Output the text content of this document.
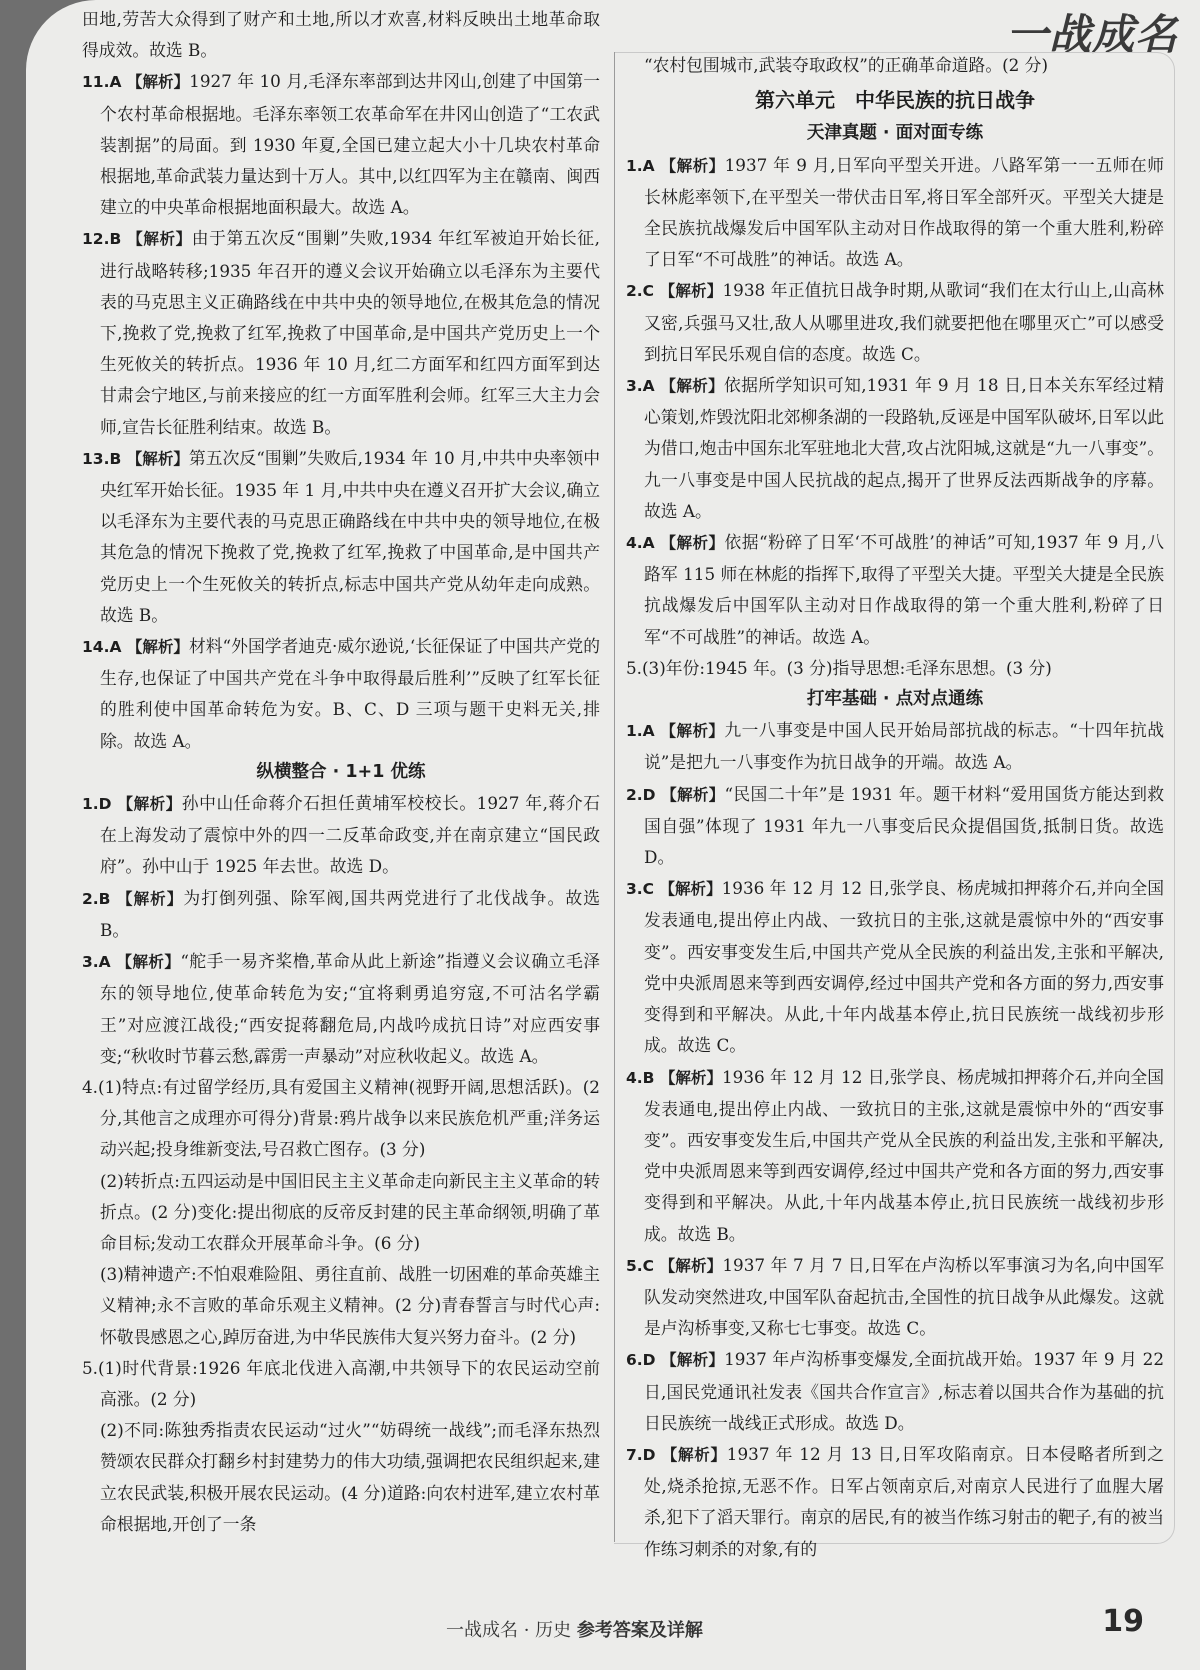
一战成名

田地,劳苦大众得到了财产和土地,所以才欢喜,材料反映出土地革命取得成效。故选 B。

11.A 【解析】1927 年 10 月,毛泽东率部到达井冈山,创建了中国第一个农村革命根据地。毛泽东率领工农革命军在井冈山创造了“工农武装割据”的局面。到 1930 年夏,全国已建立起大小十几块农村革命根据地,革命武装力量达到十万人。其中,以红四军为主在赣南、闽西建立的中央革命根据地面积最大。故选 A。

12.B 【解析】由于第五次反“围剿”失败,1934 年红军被迫开始长征,进行战略转移;1935 年召开的遵义会议开始确立以毛泽东为主要代表的马克思主义正确路线在中共中央的领导地位,在极其危急的情况下,挽救了党,挽救了红军,挽救了中国革命,是中国共产党历史上一个生死攸关的转折点。1936 年 10 月,红二方面军和红四方面军到达甘肃会宁地区,与前来接应的红一方面军胜利会师。红军三大主力会师,宣告长征胜利结束。故选 B。

13.B 【解析】第五次反“围剿”失败后,1934 年 10 月,中共中央率领中央红军开始长征。1935 年 1 月,中共中央在遵义召开扩大会议,确立以毛泽东为主要代表的马克思正确路线在中共中央的领导地位,在极其危急的情况下挽救了党,挽救了红军,挽救了中国革命,是中国共产党历史上一个生死攸关的转折点,标志中国共产党从幼年走向成熟。故选 B。

14.A 【解析】材料“外国学者迪克·威尔逊说,‘长征保证了中国共产党的生存,也保证了中国共产党在斗争中取得最后胜利’”反映了红军长征的胜利使中国革命转危为安。B、C、D 三项与题干史料无关,排除。故选 A。

纵横整合 · 1+1 优练

1.D 【解析】孙中山任命蒋介石担任黄埔军校校长。1927 年,蒋介石在上海发动了震惊中外的四一二反革命政变,并在南京建立“国民政府”。孙中山于 1925 年去世。故选 D。

2.B 【解析】为打倒列强、除军阀,国共两党进行了北伐战争。故选 B。

3.A 【解析】“舵手一易齐桨橹,革命从此上新途”指遵义会议确立毛泽东的领导地位,使革命转危为安;“宜将剩勇追穷寇,不可沽名学霸王”对应渡江战役;“西安捉蒋翻危局,内战吟成抗日诗”对应西安事变;“秋收时节暮云愁,霹雳一声暴动”对应秋收起义。故选 A。

4.(1)特点:有过留学经历,具有爱国主义精神(视野开阔,思想活跃)。(2 分,其他言之成理亦可得分)背景:鸦片战争以来民族危机严重;洋务运动兴起;投身维新变法,号召救亡图存。(3 分)

(2)转折点:五四运动是中国旧民主主义革命走向新民主主义革命的转折点。(2 分)变化:提出彻底的反帝反封建的民主革命纲领,明确了革命目标;发动工农群众开展革命斗争。(6 分)

(3)精神遗产:不怕艰难险阻、勇往直前、战胜一切困难的革命英雄主义精神;永不言败的革命乐观主义精神。(2 分)青春誓言与时代心声:怀敬畏感恩之心,踔厉奋进,为中华民族伟大复兴努力奋斗。(2 分)

5.(1)时代背景:1926 年底北伐进入高潮,中共领导下的农民运动空前高涨。(2 分)

(2)不同:陈独秀指责农民运动“过火”“妨碍统一战线”;而毛泽东热烈赞颂农民群众打翻乡村封建势力的伟大功绩,强调把农民组织起来,建立农民武装,积极开展农民运动。(4 分)道路:向农村进军,建立农村革命根据地,开创了一条

“农村包围城市,武装夺取政权”的正确革命道路。(2 分)

第六单元　中华民族的抗日战争

天津真题 · 面对面专练

1.A 【解析】1937 年 9 月,日军向平型关开进。八路军第一一五师在师长林彪率领下,在平型关一带伏击日军,将日军全部歼灭。平型关大捷是全民族抗战爆发后中国军队主动对日作战取得的第一个重大胜利,粉碎了日军“不可战胜”的神话。故选 A。

2.C 【解析】1938 年正值抗日战争时期,从歌词“我们在太行山上,山高林又密,兵强马又壮,敌人从哪里进攻,我们就要把他在哪里灭亡”可以感受到抗日军民乐观自信的态度。故选 C。

3.A 【解析】依据所学知识可知,1931 年 9 月 18 日,日本关东军经过精心策划,炸毁沈阳北郊柳条湖的一段路轨,反诬是中国军队破坏,日军以此为借口,炮击中国东北军驻地北大营,攻占沈阳城,这就是“九一八事变”。九一八事变是中国人民抗战的起点,揭开了世界反法西斯战争的序幕。故选 A。

4.A 【解析】依据“粉碎了日军‘不可战胜’的神话”可知,1937 年 9 月,八路军 115 师在林彪的指挥下,取得了平型关大捷。平型关大捷是全民族抗战爆发后中国军队主动对日作战取得的第一个重大胜利,粉碎了日军“不可战胜”的神话。故选 A。

5.(3)年份:1945 年。(3 分)指导思想:毛泽东思想。(3 分)

打牢基础 · 点对点通练

1.A 【解析】九一八事变是中国人民开始局部抗战的标志。“十四年抗战说”是把九一八事变作为抗日战争的开端。故选 A。

2.D 【解析】“民国二十年”是 1931 年。题干材料“爱用国货方能达到救国自强”体现了 1931 年九一八事变后民众提倡国货,抵制日货。故选 D。

3.C 【解析】1936 年 12 月 12 日,张学良、杨虎城扣押蒋介石,并向全国发表通电,提出停止内战、一致抗日的主张,这就是震惊中外的“西安事变”。西安事变发生后,中国共产党从全民族的利益出发,主张和平解决,党中央派周恩来等到西安调停,经过中国共产党和各方面的努力,西安事变得到和平解决。从此,十年内战基本停止,抗日民族统一战线初步形成。故选 C。

4.B 【解析】1936 年 12 月 12 日,张学良、杨虎城扣押蒋介石,并向全国发表通电,提出停止内战、一致抗日的主张,这就是震惊中外的“西安事变”。西安事变发生后,中国共产党从全民族的利益出发,主张和平解决,党中央派周恩来等到西安调停,经过中国共产党和各方面的努力,西安事变得到和平解决。从此,十年内战基本停止,抗日民族统一战线初步形成。故选 B。

5.C 【解析】1937 年 7 月 7 日,日军在卢沟桥以军事演习为名,向中国军队发动突然进攻,中国军队奋起抗击,全国性的抗日战争从此爆发。这就是卢沟桥事变,又称七七事变。故选 C。

6.D 【解析】1937 年卢沟桥事变爆发,全面抗战开始。1937 年 9 月 22 日,国民党通讯社发表《国共合作宣言》,标志着以国共合作为基础的抗日民族统一战线正式形成。故选 D。

7.D 【解析】1937 年 12 月 13 日,日军攻陷南京。日本侵略者所到之处,烧杀抢掠,无恶不作。日军占领南京后,对南京人民进行了血腥大屠杀,犯下了滔天罪行。南京的居民,有的被当作练习射击的靶子,有的被当作练习刺杀的对象,有的

一战成名 · 历史 参考答案及详解	19
